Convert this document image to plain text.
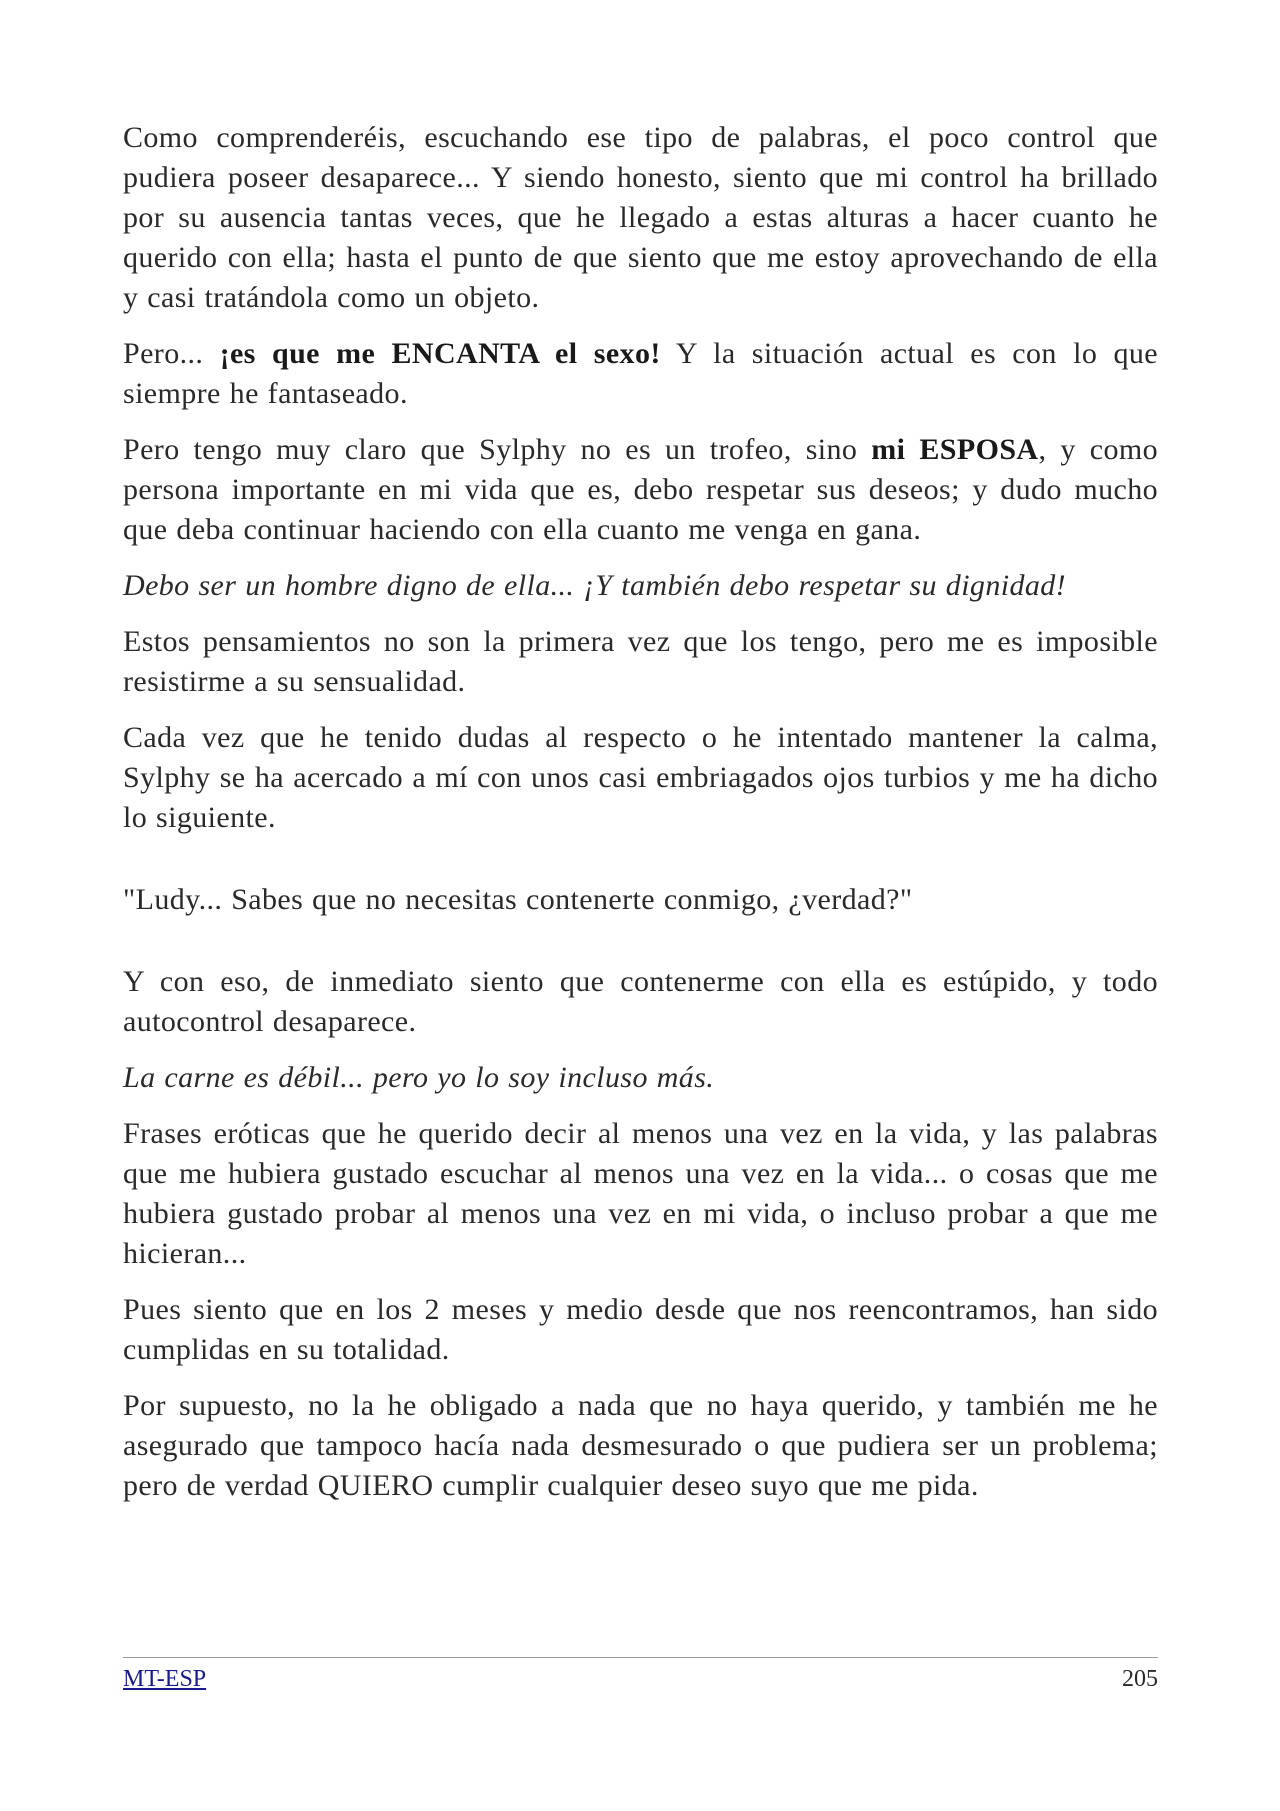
Como comprenderéis, escuchando ese tipo de palabras, el poco control que pudiera poseer desaparece... Y siendo honesto, siento que mi control ha brillado por su ausencia tantas veces, que he llegado a estas alturas a hacer cuanto he querido con ella; hasta el punto de que siento que me estoy aprovechando de ella y casi tratándola como un objeto.

Pero... ¡es que me ENCANTA el sexo! Y la situación actual es con lo que siempre he fantaseado.

Pero tengo muy claro que Sylphy no es un trofeo, sino mi ESPOSA, y como persona importante en mi vida que es, debo respetar sus deseos; y dudo mucho que deba continuar haciendo con ella cuanto me venga en gana.

Debo ser un hombre digno de ella... ¡Y también debo respetar su dignidad!

Estos pensamientos no son la primera vez que los tengo, pero me es imposible resistirme a su sensualidad.

Cada vez que he tenido dudas al respecto o he intentado mantener la calma, Sylphy se ha acercado a mí con unos casi embriagados ojos turbios y me ha dicho lo siguiente.

"Ludy... Sabes que no necesitas contenerte conmigo, ¿verdad?"

Y con eso, de inmediato siento que contenerme con ella es estúpido, y todo autocontrol desaparece.

La carne es débil... pero yo lo soy incluso más.

Frases eróticas que he querido decir al menos una vez en la vida, y las palabras que me hubiera gustado escuchar al menos una vez en la vida... o cosas que me hubiera gustado probar al menos una vez en mi vida, o incluso probar a que me hicieran...

Pues siento que en los 2 meses y medio desde que nos reencontramos, han sido cumplidas en su totalidad.

Por supuesto, no la he obligado a nada que no haya querido, y también me he asegurado que tampoco hacía nada desmesurado o que pudiera ser un problema; pero de verdad QUIERO cumplir cualquier deseo suyo que me pida.

MT-ESP	205
